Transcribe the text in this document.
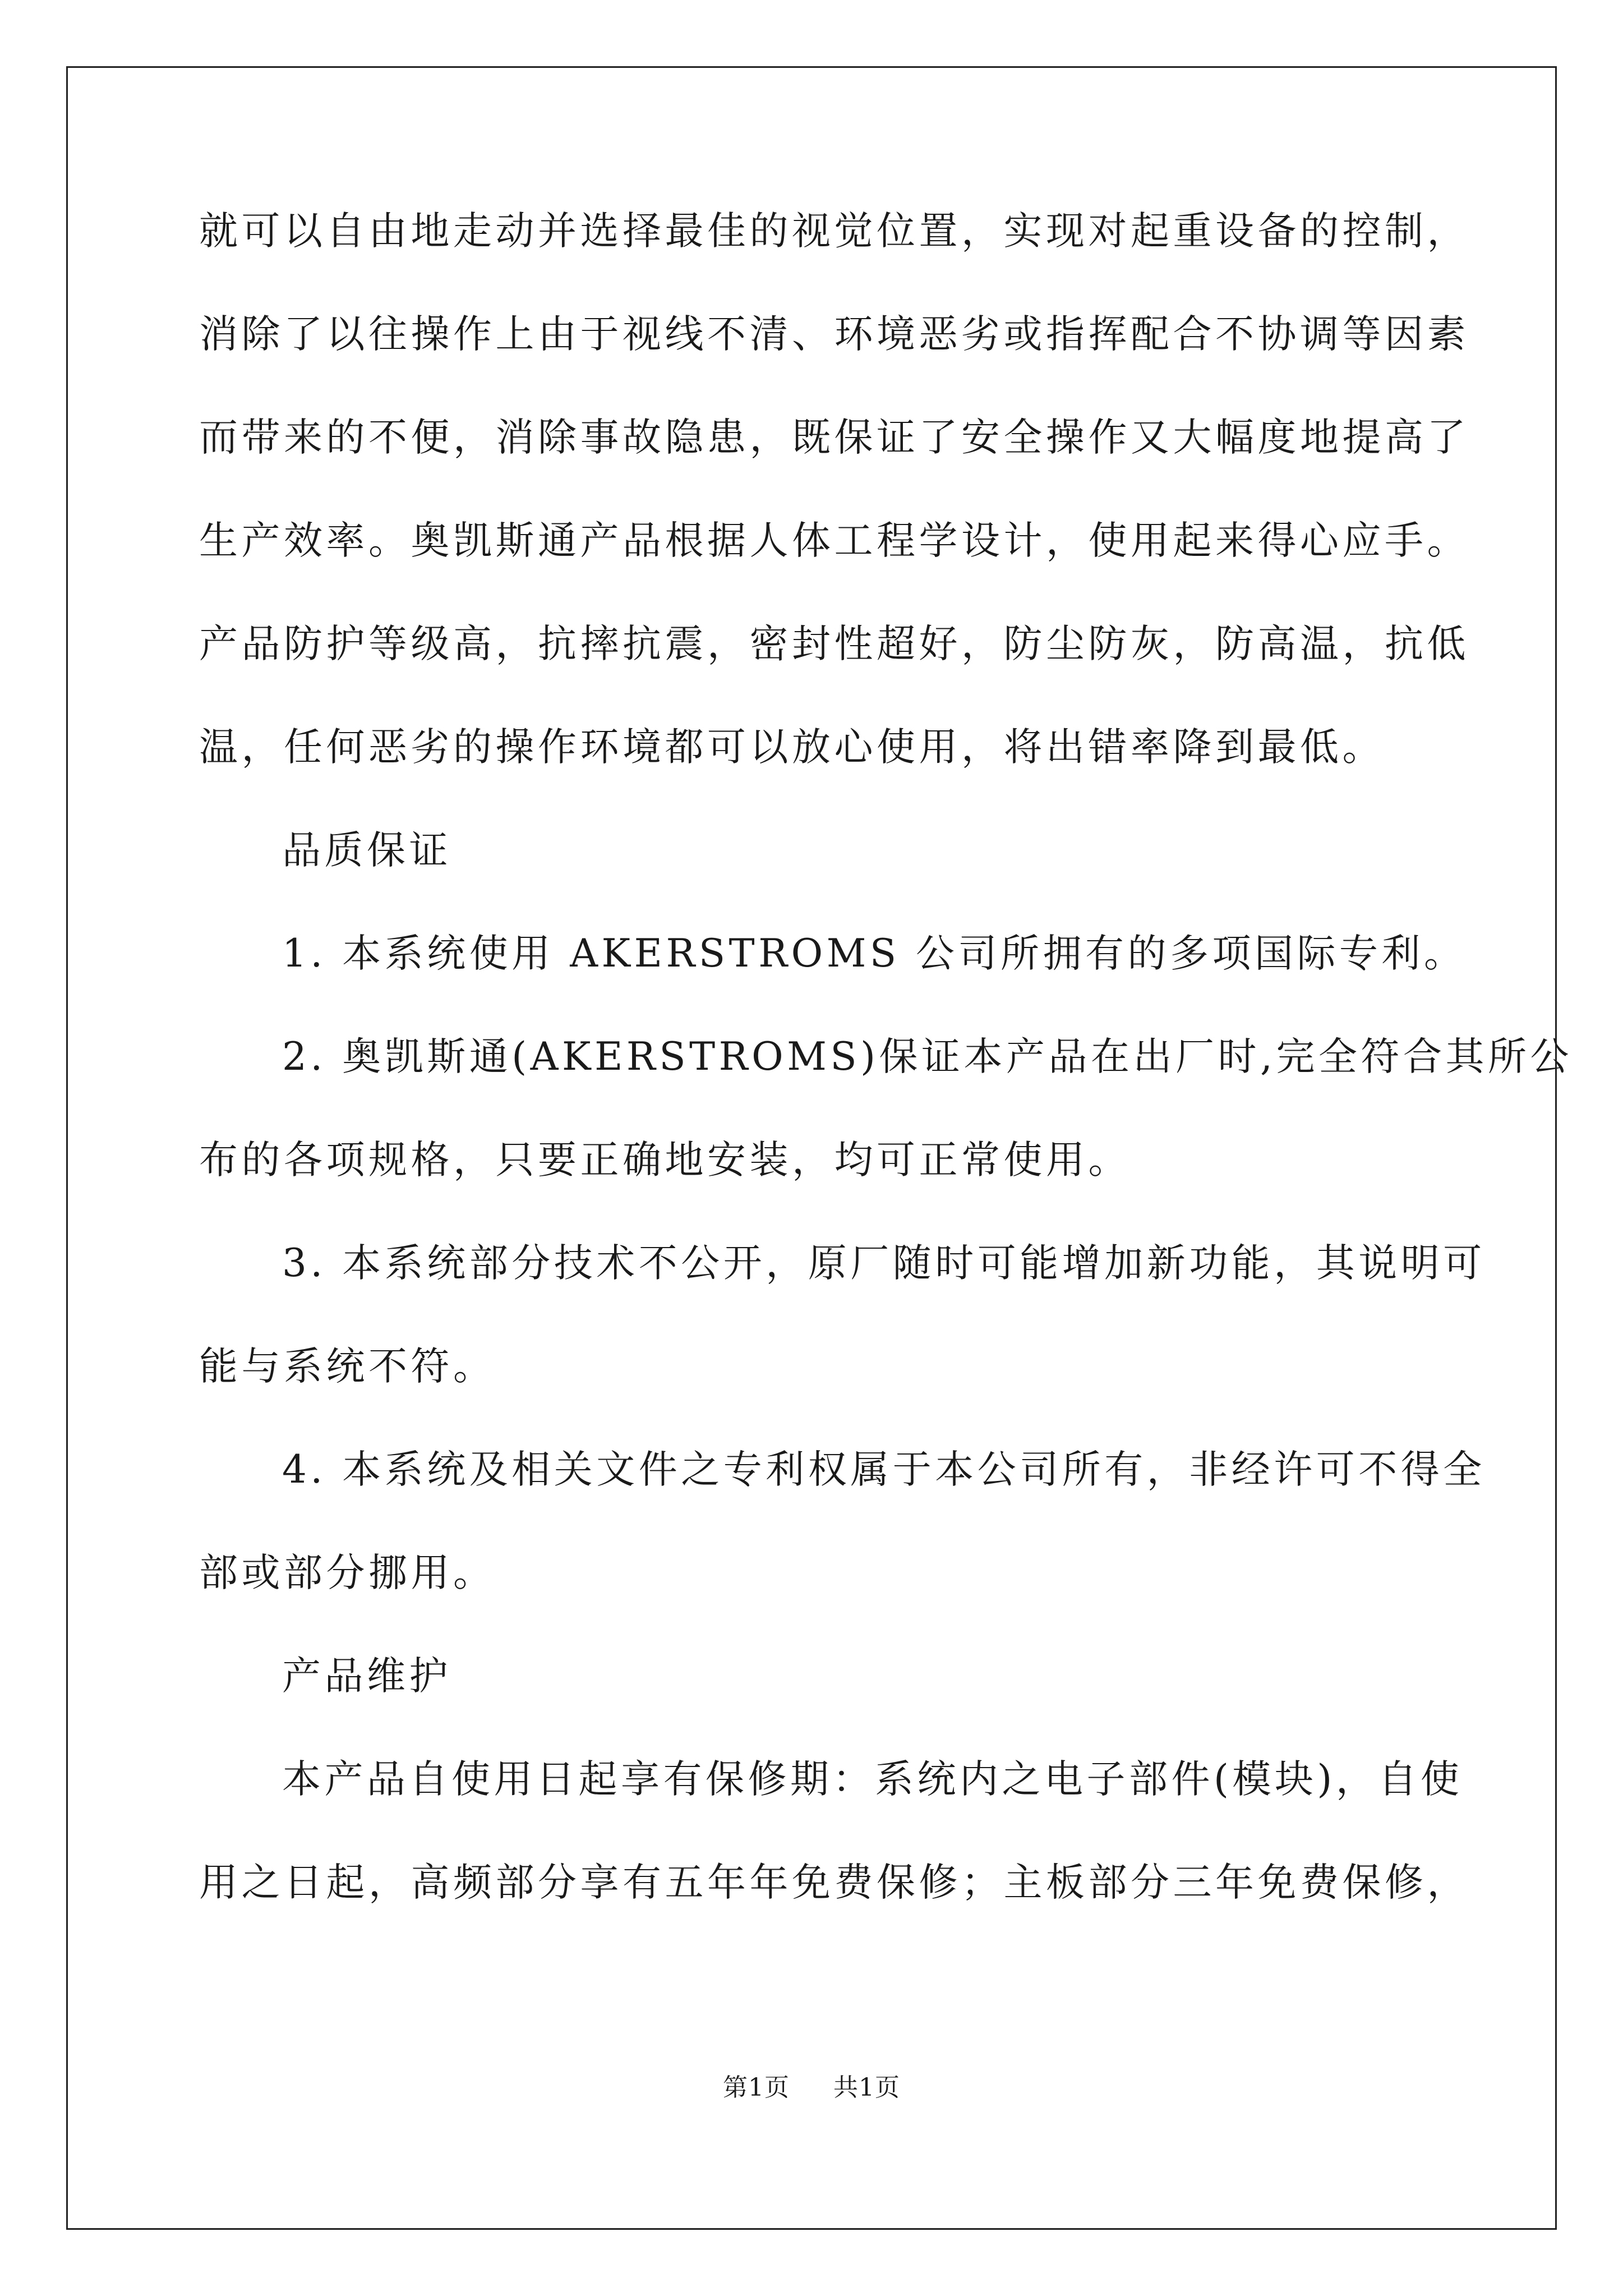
就可以自由地走动并选择最佳的视觉位置，实现对起重设备的控制，
消除了以往操作上由于视线不清、环境恶劣或指挥配合不协调等因素
而带来的不便，消除事故隐患，既保证了安全操作又大幅度地提高了
生产效率。奥凯斯通产品根据人体工程学设计，使用起来得心应手。
产品防护等级高，抗摔抗震，密封性超好，防尘防灰，防高温，抗低
温，任何恶劣的操作环境都可以放心使用，将出错率降到最低。
品质保证
1. 本系统使用 AKERSTROMS 公司所拥有的多项国际专利。
2. 奥凯斯通(AKERSTROMS)保证本产品在出厂时,完全符合其所公
布的各项规格，只要正确地安装，均可正常使用。
3. 本系统部分技术不公开，原厂随时可能增加新功能，其说明可
能与系统不符。
4. 本系统及相关文件之专利权属于本公司所有，非经许可不得全
部或部分挪用。
产品维护
本产品自使用日起享有保修期：系统内之电子部件(模块)，自使
用之日起，高频部分享有五年年免费保修；主板部分三年免费保修，
第1页 共1页
